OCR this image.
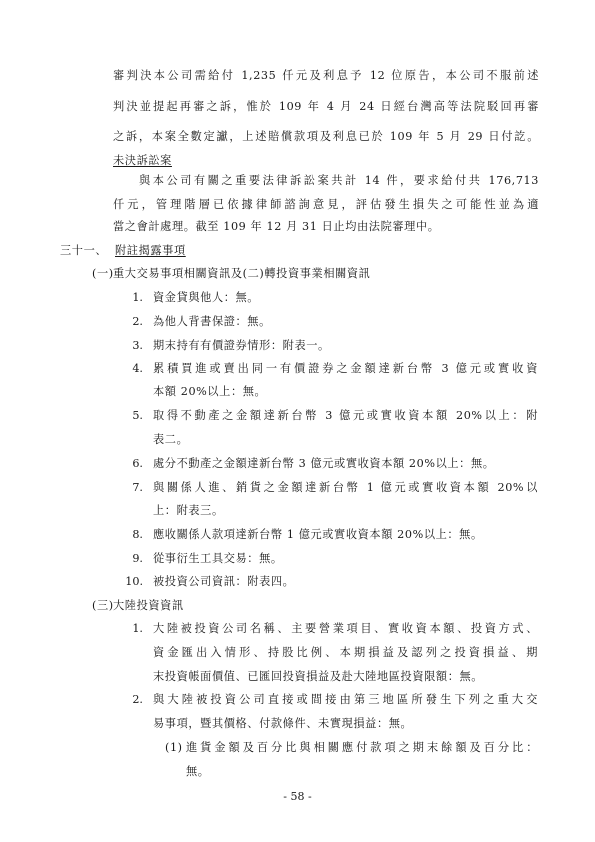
審判決本公司需給付 1,235 仟元及利息予 12 位原告，本公司不服前述
判決並提起再審之訴，惟於 109 年 4 月 24 日經台灣高等法院駁回再審
之訴，本案全數定讞，上述賠償款項及利息已於 109 年 5 月 29 日付訖。
未決訴訟案
與本公司有關之重要法律訴訟案共計 14 件，要求給付共 176,713
仟元，管理階層已依據律師諮詢意見，評估發生損失之可能性並為適
當之會計處理。截至 109 年 12 月 31 日止均由法院審理中。
三十一、 附註揭露事項
(一) 重大交易事項相關資訊及(二)轉投資事業相關資訊
1. 資金貸與他人：無。
2. 為他人背書保證：無。
3. 期末持有有價證券情形：附表一。
4. 累積買進或賣出同一有價證券之金額達新台幣 3 億元或實收資
本額 20%以上：無。
5. 取得不動產之金額達新台幣 3 億元或實收資本額 20%以上：附
表二。
6. 處分不動產之金額達新台幣 3 億元或實收資本額 20%以上：無。
7. 與關係人進、銷貨之金額達新台幣 1 億元或實收資本額 20%以
上：附表三。
8. 應收關係人款項達新台幣 1 億元或實收資本額 20%以上：無。
9. 從事衍生工具交易：無。
10. 被投資公司資訊：附表四。
(三) 大陸投資資訊
1. 大陸被投資公司名稱、主要營業項目、實收資本額、投資方式、
資金匯出入情形、持股比例、本期損益及認列之投資損益、期
末投資帳面價值、已匯回投資損益及赴大陸地區投資限額：無。
2. 與大陸被投資公司直接或間接由第三地區所發生下列之重大交
易事項，暨其價格、付款條件、未實現損益：無。
(1) 進貨金額及百分比與相關應付款項之期末餘額及百分比：
無。
- 58 -
